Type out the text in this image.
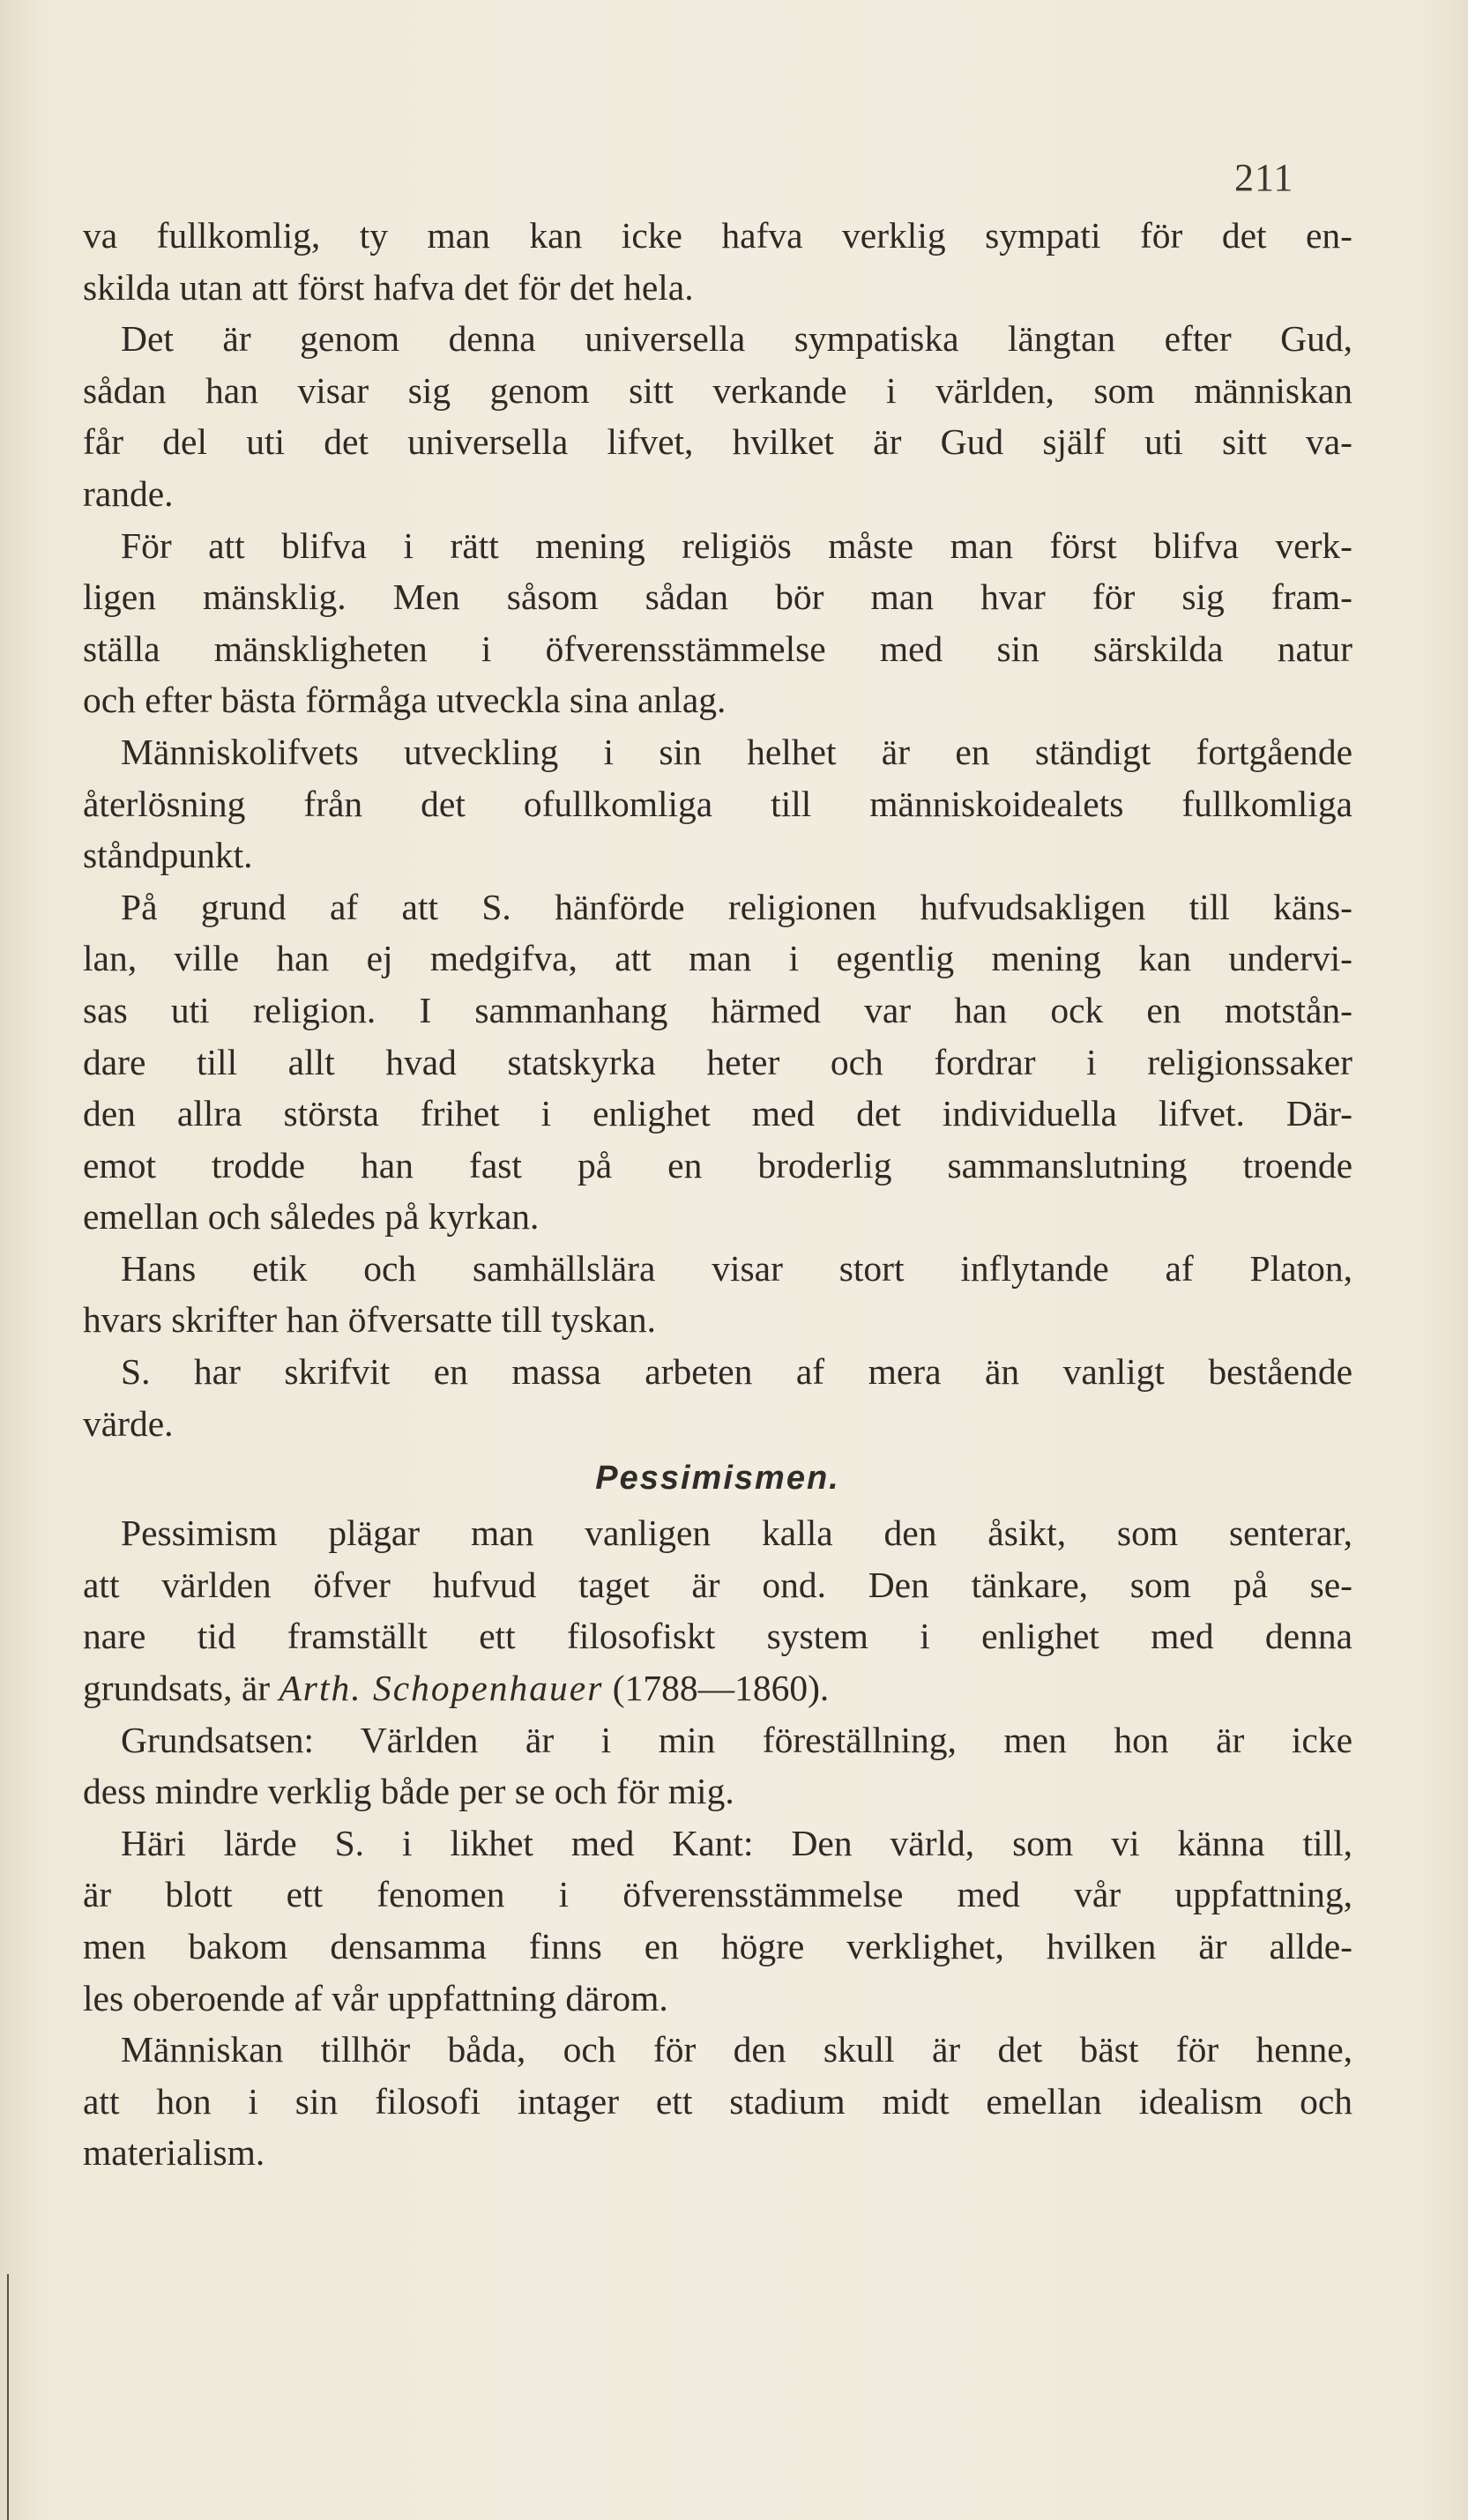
211
va fullkomlig, ty man kan icke hafva verklig sympati för det en-
skilda utan att först hafva det för det hela.
Det är genom denna universella sympatiska längtan efter Gud,
sådan han visar sig genom sitt verkande i världen, som människan
får del uti det universella lifvet, hvilket är Gud själf uti sitt va-
rande.
För att blifva i rätt mening religiös måste man först blifva verk-
ligen mänsklig. Men såsom sådan bör man hvar för sig fram-
ställa mänskligheten i öfverensstämmelse med sin särskilda natur
och efter bästa förmåga utveckla sina anlag.
Människolifvets utveckling i sin helhet är en ständigt fortgående
återlösning från det ofullkomliga till människoidealets fullkomliga
ståndpunkt.
På grund af att S. hänförde religionen hufvudsakligen till käns-
lan, ville han ej medgifva, att man i egentlig mening kan undervi-
sas uti religion. I sammanhang härmed var han ock en motstån-
dare till allt hvad statskyrka heter och fordrar i religionssaker
den allra största frihet i enlighet med det individuella lifvet. Där-
emot trodde han fast på en broderlig sammanslutning troende
emellan och således på kyrkan.
Hans etik och samhällslära visar stort inflytande af Platon,
hvars skrifter han öfversatte till tyskan.
S. har skrifvit en massa arbeten af mera än vanligt bestående
värde.
Pessimismen.
Pessimism plägar man vanligen kalla den åsikt, som senterar,
att världen öfver hufvud taget är ond. Den tänkare, som på se-
nare tid framställt ett filosofiskt system i enlighet med denna
grundsats, är Arth. Schopenhauer (1788—1860).
Grundsatsen: Världen är i min föreställning, men hon är icke
dess mindre verklig både per se och för mig.
Häri lärde S. i likhet med Kant: Den värld, som vi känna till,
är blott ett fenomen i öfverensstämmelse med vår uppfattning,
men bakom densamma finns en högre verklighet, hvilken är allde-
les oberoende af vår uppfattning därom.
Människan tillhör båda, och för den skull är det bäst för henne,
att hon i sin filosofi intager ett stadium midt emellan idealism och
materialism.
